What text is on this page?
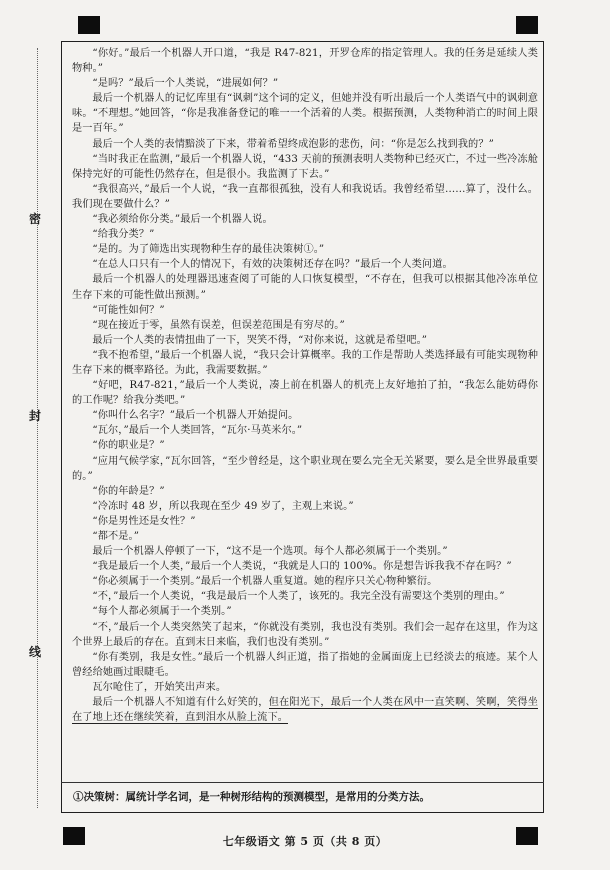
密
封
线

“你好。”最后一个机器人开口道，“我是 R47-821，开罗仓库的指定管理人。我的任务是延续人类物种。”

“是吗？”最后一个人类说，“进展如何？”

最后一个机器人的记忆库里有“讽刺”这个词的定义，但她并没有听出最后一个人类语气中的讽刺意味。“不理想。”她回答，“你是我准备登记的唯一一个活着的人类。根据预测，人类物种消亡的时间上限是一百年。”

最后一个人类的表情黯淡了下来，带着希望终成泡影的悲伤，问：“你是怎么找到我的？”

“当时我正在监测，”最后一个机器人说，“433 天前的预测表明人类物种已经灭亡，不过一些冷冻舱保持完好的可能性仍然存在，但是很小。我监测了下去。”

“我很高兴，”最后一个人说，“我一直都很孤独，没有人和我说话。我曾经希望……算了，没什么。我们现在要做什么？”

“我必须给你分类。”最后一个机器人说。

“给我分类？”

“是的。为了筛选出实现物种生存的最佳决策树①。”

“在总人口只有一个人的情况下，有效的决策树还存在吗？”最后一个人类问道。

最后一个机器人的处理器迅速查阅了可能的人口恢复模型，“不存在，但我可以根据其他冷冻单位生存下来的可能性做出预测。”

“可能性如何？”

“现在接近于零，虽然有误差，但误差范围是有穷尽的。”

最后一个人类的表情扭曲了一下，哭笑不得，“对你来说，这就是希望吧。”

“我不抱希望，”最后一个机器人说，“我只会计算概率。我的工作是帮助人类选择最有可能实现物种生存下来的概率路径。为此，我需要数据。”

“好吧，R47-821，”最后一个人类说，凑上前在机器人的机壳上友好地拍了拍，“我怎么能妨碍你的工作呢？给我分类吧。”

“你叫什么名字？”最后一个机器人开始提问。

“瓦尔，”最后一个人类回答，“瓦尔·马英米尔。”

“你的职业是？”

“应用气候学家，”瓦尔回答，“至少曾经是，这个职业现在要么完全无关紧要，要么是全世界最重要的。”

“你的年龄是？”

“冷冻时 48 岁，所以我现在至少 49 岁了，主观上来说。”

“你是男性还是女性？”

“都不是。”

最后一个机器人停顿了一下，“这不是一个选项。每个人都必须属于一个类别。”

“我是最后一个人类，”最后一个人类说，“我就是人口的 100%。你是想告诉我我不存在吗？”

“你必须属于一个类别。”最后一个机器人重复道。她的程序只关心物种繁衍。

“不，”最后一个人类说，“我是最后一个人类了，该死的。我完全没有需要这个类别的理由。”

“每个人都必须属于一个类别。”

“不，”最后一个人类突然笑了起来，“你就没有类别，我也没有类别。我们会一起存在这里，作为这个世界上最后的存在。直到末日来临，我们也没有类别。”

“你有类别，我是女性。”最后一个机器人纠正道，指了指她的金属面庞上已经淡去的痕迹。某个人曾经给她画过眼睫毛。

瓦尔呛住了，开始笑出声来。

最后一个机器人不知道有什么好笑的，但在阳光下，最后一个人类在风中一直笑啊、笑啊，笑得坐在了地上还在继续笑着，直到泪水从脸上流下。

①决策树：属统计学名词，是一种树形结构的预测模型，是常用的分类方法。
七年级语文 第 5 页（共 8 页）
